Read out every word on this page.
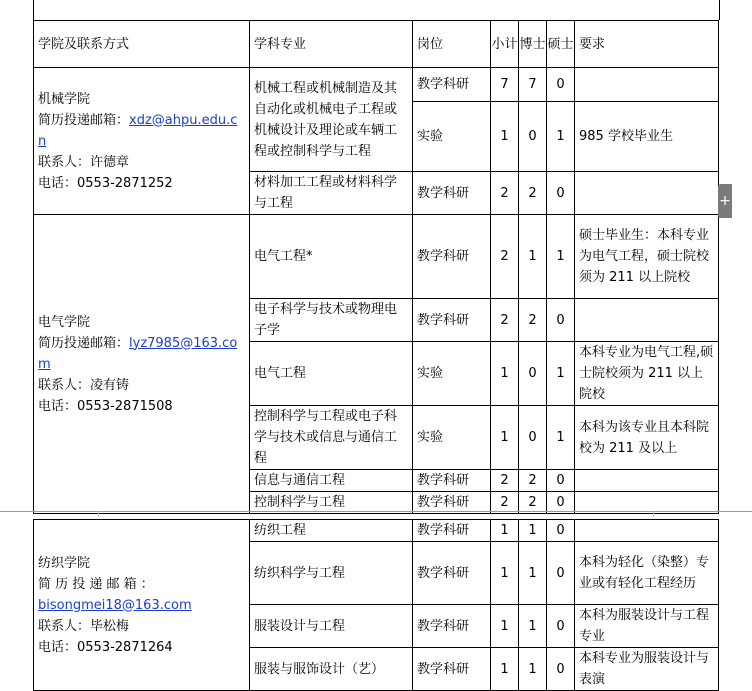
学院及联系方式	学科专业	岗位	小计	博士	硕士	要求

机械学院
简历投递邮箱：xdz@ahpu.edu.cn
联系人：许德章
电话：0553-2871252	机械工程或机械制造及其自动化或机械电子工程或机械设计及理论或车辆工程或控制科学与工程	教学科研	7	7	0	
		实验	1	0	1	985 学校毕业生
	材料加工工程或材料科学与工程	教学科研	2	2	0	

电气学院
简历投递邮箱：lyz7985@163.com
联系人：凌有铸
电话：0553-2871508	电气工程*	教学科研	2	1	1	硕士毕业生：本科专业为电气工程，硕士院校须为 211 以上院校
	电子科学与技术或物理电子学	教学科研	2	2	0	
	电气工程	实验	1	0	1	本科专业为电气工程,硕士院校须为 211 以上院校
	控制科学与工程或电子科学与技术或信息与通信工程	实验	1	0	1	本科为该专业且本科院校为 211 及以上
	信息与通信工程	教学科研	2	2	0	
	控制科学与工程	教学科研	2	2	0	
纺织学院
简 历 投 递 邮 箱 ：
bisongmei18@163.com
联系人：毕松梅
电话：0553-2871264	纺织工程	教学科研	1	1	0	
	纺织科学与工程	教学科研	1	1	0	本科为轻化（染整）专业或有轻化工程经历
	服装设计与工程	教学科研	1	1	0	本科为服装设计与工程专业
	服装与服饰设计（艺）	教学科研	1	1	0	本科专业为服装设计与表演
+
